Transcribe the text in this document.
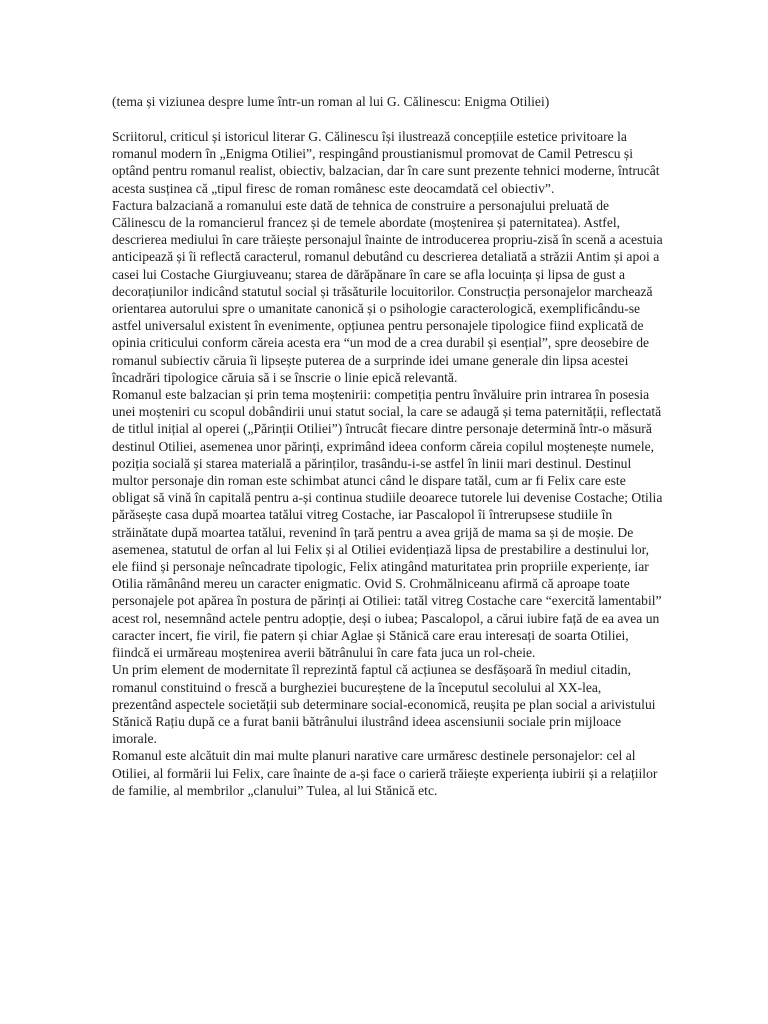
(tema și viziunea despre lume într-un roman al lui G. Călinescu: Enigma Otiliei)

Scriitorul, criticul și istoricul literar G. Călinescu își ilustrează concepțiile estetice privitoare la romanul modern în „Enigma Otiliei”, respingând proustianismul promovat de Camil Petrescu și optând pentru romanul realist, obiectiv, balzacian, dar în care sunt prezente tehnici moderne, întrucât acesta susținea că „tipul firesc de roman românesc este deocamdată cel obiectiv”.

Factura balzaciană a romanului este dată de tehnica de construire a personajului preluată de Călinescu de la romancierul francez și de temele abordate (moștenirea și paternitatea). Astfel, descrierea mediului în care trăiește personajul înainte de introducerea propriu-zisă în scenă a acestuia anticipează și îi reflectă caracterul, romanul debutând cu descrierea detaliată a străzii Antim și apoi a casei lui Costache Giurgiuveanu; starea de dărăpănare în care se afla locuința și lipsa de gust a decorațiunilor indicând statutul social și trăsăturile locuitorilor. Construcția personajelor marchează orientarea autorului spre o umanitate canonică și o psihologie caracterologică, exemplificându-se astfel universalul existent în evenimente, opțiunea pentru personajele tipologice fiind explicată de opinia criticului conform căreia acesta era “un mod de a crea durabil și esențial”, spre deosebire de romanul subiectiv căruia îi lipsește puterea de a surprinde idei umane generale din lipsa acestei încadrări tipologice căruia să i se înscrie o linie epică relevantă.

Romanul este balzacian și prin tema moștenirii: competiția pentru învăluire prin intrarea în posesia unei moșteniri cu scopul dobândirii unui statut social, la care se adaugă și tema paternității, reflectată de titlul inițial al operei („Părinții Otiliei”) întrucât fiecare dintre personaje determină într-o măsură destinul Otiliei, asemenea unor părinți, exprimând ideea conform căreia copilul moștenește numele, poziția socială și starea materială a părinților, trasându-i-se astfel în linii mari destinul. Destinul multor personaje din roman este schimbat atunci când le dispare tatăl, cum ar fi Felix care este obligat să vină în capitală pentru a-și continua studiile deoarece tutorele lui devenise Costache; Otilia părăsește casa după moartea tatălui vitreg Costache, iar Pascalopol îi întrerupsese studiile în străinătate după moartea tatălui, revenind în țară pentru a avea grijă de mama sa și de moșie. De asemenea, statutul de orfan al lui Felix și al Otiliei evidențiază lipsa de prestabilire a destinului lor, ele fiind și personaje neîncadrate tipologic, Felix atingând maturitatea prin propriile experiențe, iar Otilia rămânând mereu un caracter enigmatic. Ovid S. Crohmălniceanu afirmă că aproape toate personajele pot apărea în postura de părinți ai Otiliei: tatăl vitreg Costache care “exercită lamentabil” acest rol, nesemnând actele pentru adopție, deși o iubea; Pascalopol, a cărui iubire față de ea avea un caracter incert, fie viril, fie patern și chiar Aglae și Stănică care erau interesați de soarta Otiliei, fiindcă ei urmăreau moștenirea averii bătrânului în care fata juca un rol-cheie.

Un prim element de modernitate îl reprezintă faptul că acțiunea se desfășoară în mediul citadin, romanul constituind o frescă a burgheziei bucureștene de la începutul secolului al XX-lea, prezentând aspectele societății sub determinare social-economică, reușita pe plan social a arivistului Stănică Rațiu după ce a furat banii bătrânului ilustrând ideea ascensiunii sociale prin mijloace imorale.

Romanul este alcătuit din mai multe planuri narative care urmăresc destinele personajelor: cel al Otiliei, al formării lui Felix, care înainte de a-și face o carieră trăiește experiența iubirii și a relațiilor de familie, al membrilor „clanului” Tulea, al lui Stănică etc.
